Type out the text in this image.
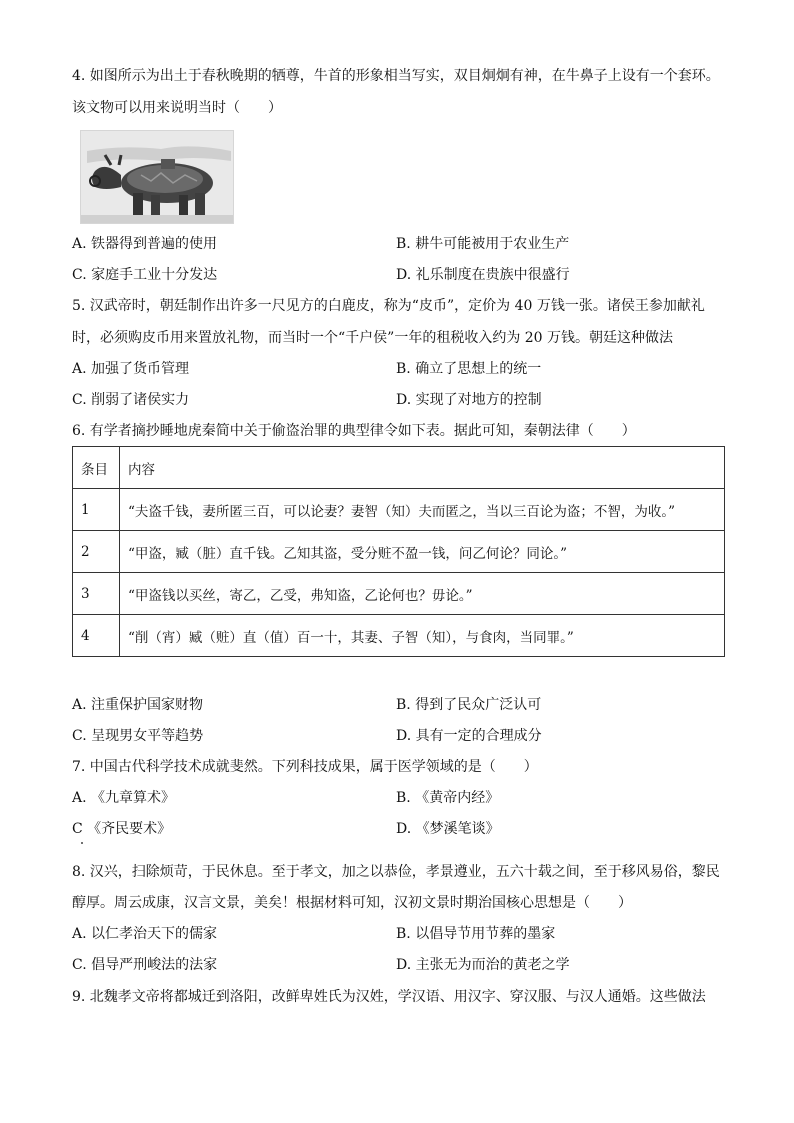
4. 如图所示为出土于春秋晚期的牺尊，牛首的形象相当写实，双目炯炯有神，在牛鼻子上设有一个套环。
该文物可以用来说明当时（　　）
A. 铁器得到普遍的使用	B. 耕牛可能被用于农业生产
C. 家庭手工业十分发达	D. 礼乐制度在贵族中很盛行
5. 汉武帝时，朝廷制作出许多一尺见方的白鹿皮，称为“皮币”，定价为 40 万钱一张。诸侯王参加献礼
时，必须购皮币用来置放礼物，而当时一个“千户侯”一年的租税收入约为 20 万钱。朝廷这种做法
A. 加强了货币管理	B. 确立了思想上的统一
C. 削弱了诸侯实力	D. 实现了对地方的控制
6. 有学者摘抄睡地虎秦简中关于偷盗治罪的典型律令如下表。据此可知，秦朝法律（　　）
条目	内容
1	“夫盗千钱，妻所匿三百，可以论妻？妻智（知）夫而匿之，当以三百论为盗；不智，为收。”
2	“甲盗，臧（脏）直千钱。乙知其盗，受分赃不盈一钱，问乙何论？同论。”
3	“甲盗钱以买丝，寄乙，乙受，弗知盗，乙论何也？毋论。”
4	“削（宵）臧（赃）直（值）百一十，其妻、子智（知），与食肉，当同罪。”
A. 注重保护国家财物	B. 得到了民众广泛认可
C. 呈现男女平等趋势	D. 具有一定的合理成分
7. 中国古代科学技术成就斐然。下列科技成果，属于医学领域的是（　　）
A. 《九章算术》	B. 《黄帝内经》
C 《齐民要术》	D. 《梦溪笔谈》
8. 汉兴，扫除烦苛，于民休息。至于孝文，加之以恭俭，孝景遵业，五六十载之间，至于移风易俗，黎民
醇厚。周云成康，汉言文景，美矣！根据材料可知，汉初文景时期治国核心思想是（　　）
A. 以仁孝治天下的儒家	B. 以倡导节用节葬的墨家
C. 倡导严刑峻法的法家	D. 主张无为而治的黄老之学
9. 北魏孝文帝将都城迁到洛阳，改鲜卑姓氏为汉姓，学汉语、用汉字、穿汉服、与汉人通婚。这些做法
